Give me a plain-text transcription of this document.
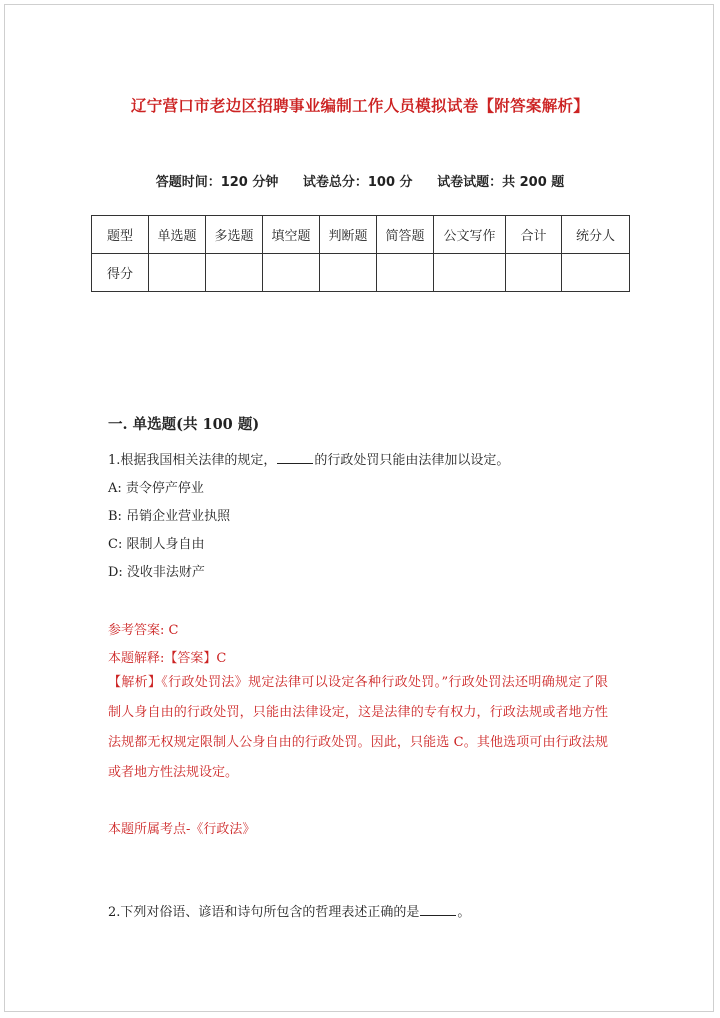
辽宁营口市老边区招聘事业编制工作人员模拟试卷【附答案解析】
答题时间：120 分钟 试卷总分：100 分 试卷试题：共 200 题
题型	单选题	多选题	填空题	判断题	简答题	公文写作	合计	统分人
得分								
一. 单选题(共 100 题)
1.根据我国相关法律的规定，	的行政处罚只能由法律加以设定。
A: 责令停产停业
B: 吊销企业营业执照
C: 限制人身自由
D: 没收非法财产
参考答案: C
本题解释:【答案】C
【解析】《行政处罚法》规定法律可以设定各种行政处罚。”行政处罚法还明确规定了限制人身自由的行政处罚，只能由法律设定，这是法律的专有权力，行政法规或者地方性法规都无权规定限制人公身自由的行政处罚。因此，只能选 C。其他选项可由行政法规或者地方性法规设定。
本题所属考点-《行政法》
2.下列对俗语、谚语和诗句所包含的哲理表述正确的是	。
